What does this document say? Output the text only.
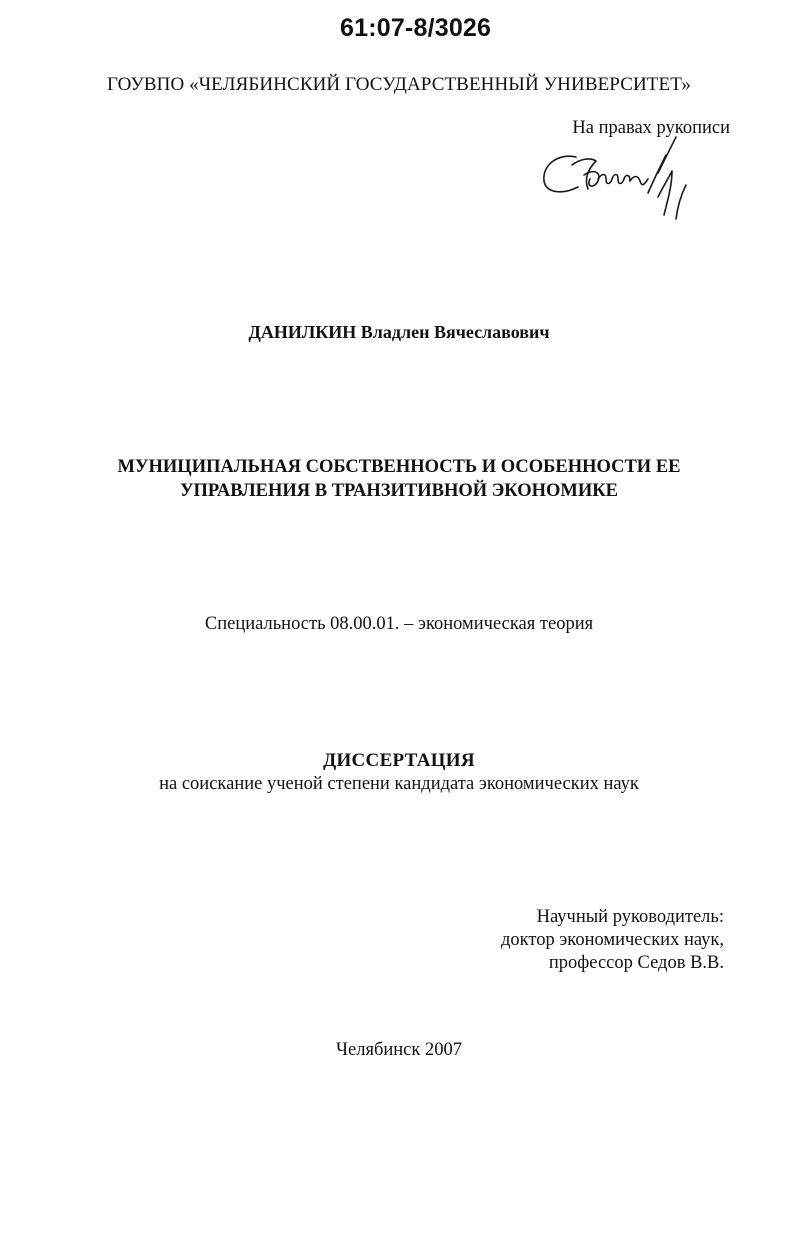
61:07-8/3026
ГОУВПО «ЧЕЛЯБИНСКИЙ ГОСУДАРСТВЕННЫЙ УНИВЕРСИТЕТ»
На правах рукописи
ДАНИЛКИН Владлен Вячеславович
МУНИЦИПАЛЬНАЯ СОБСТВЕННОСТЬ И ОСОБЕННОСТИ ЕЕ
УПРАВЛЕНИЯ В ТРАНЗИТИВНОЙ ЭКОНОМИКЕ
Специальность 08.00.01. – экономическая теория
ДИССЕРТАЦИЯ
на соискание ученой степени кандидата экономических наук
Научный руководитель:
доктор экономических наук,
профессор Седов В.В.
Челябинск 2007
